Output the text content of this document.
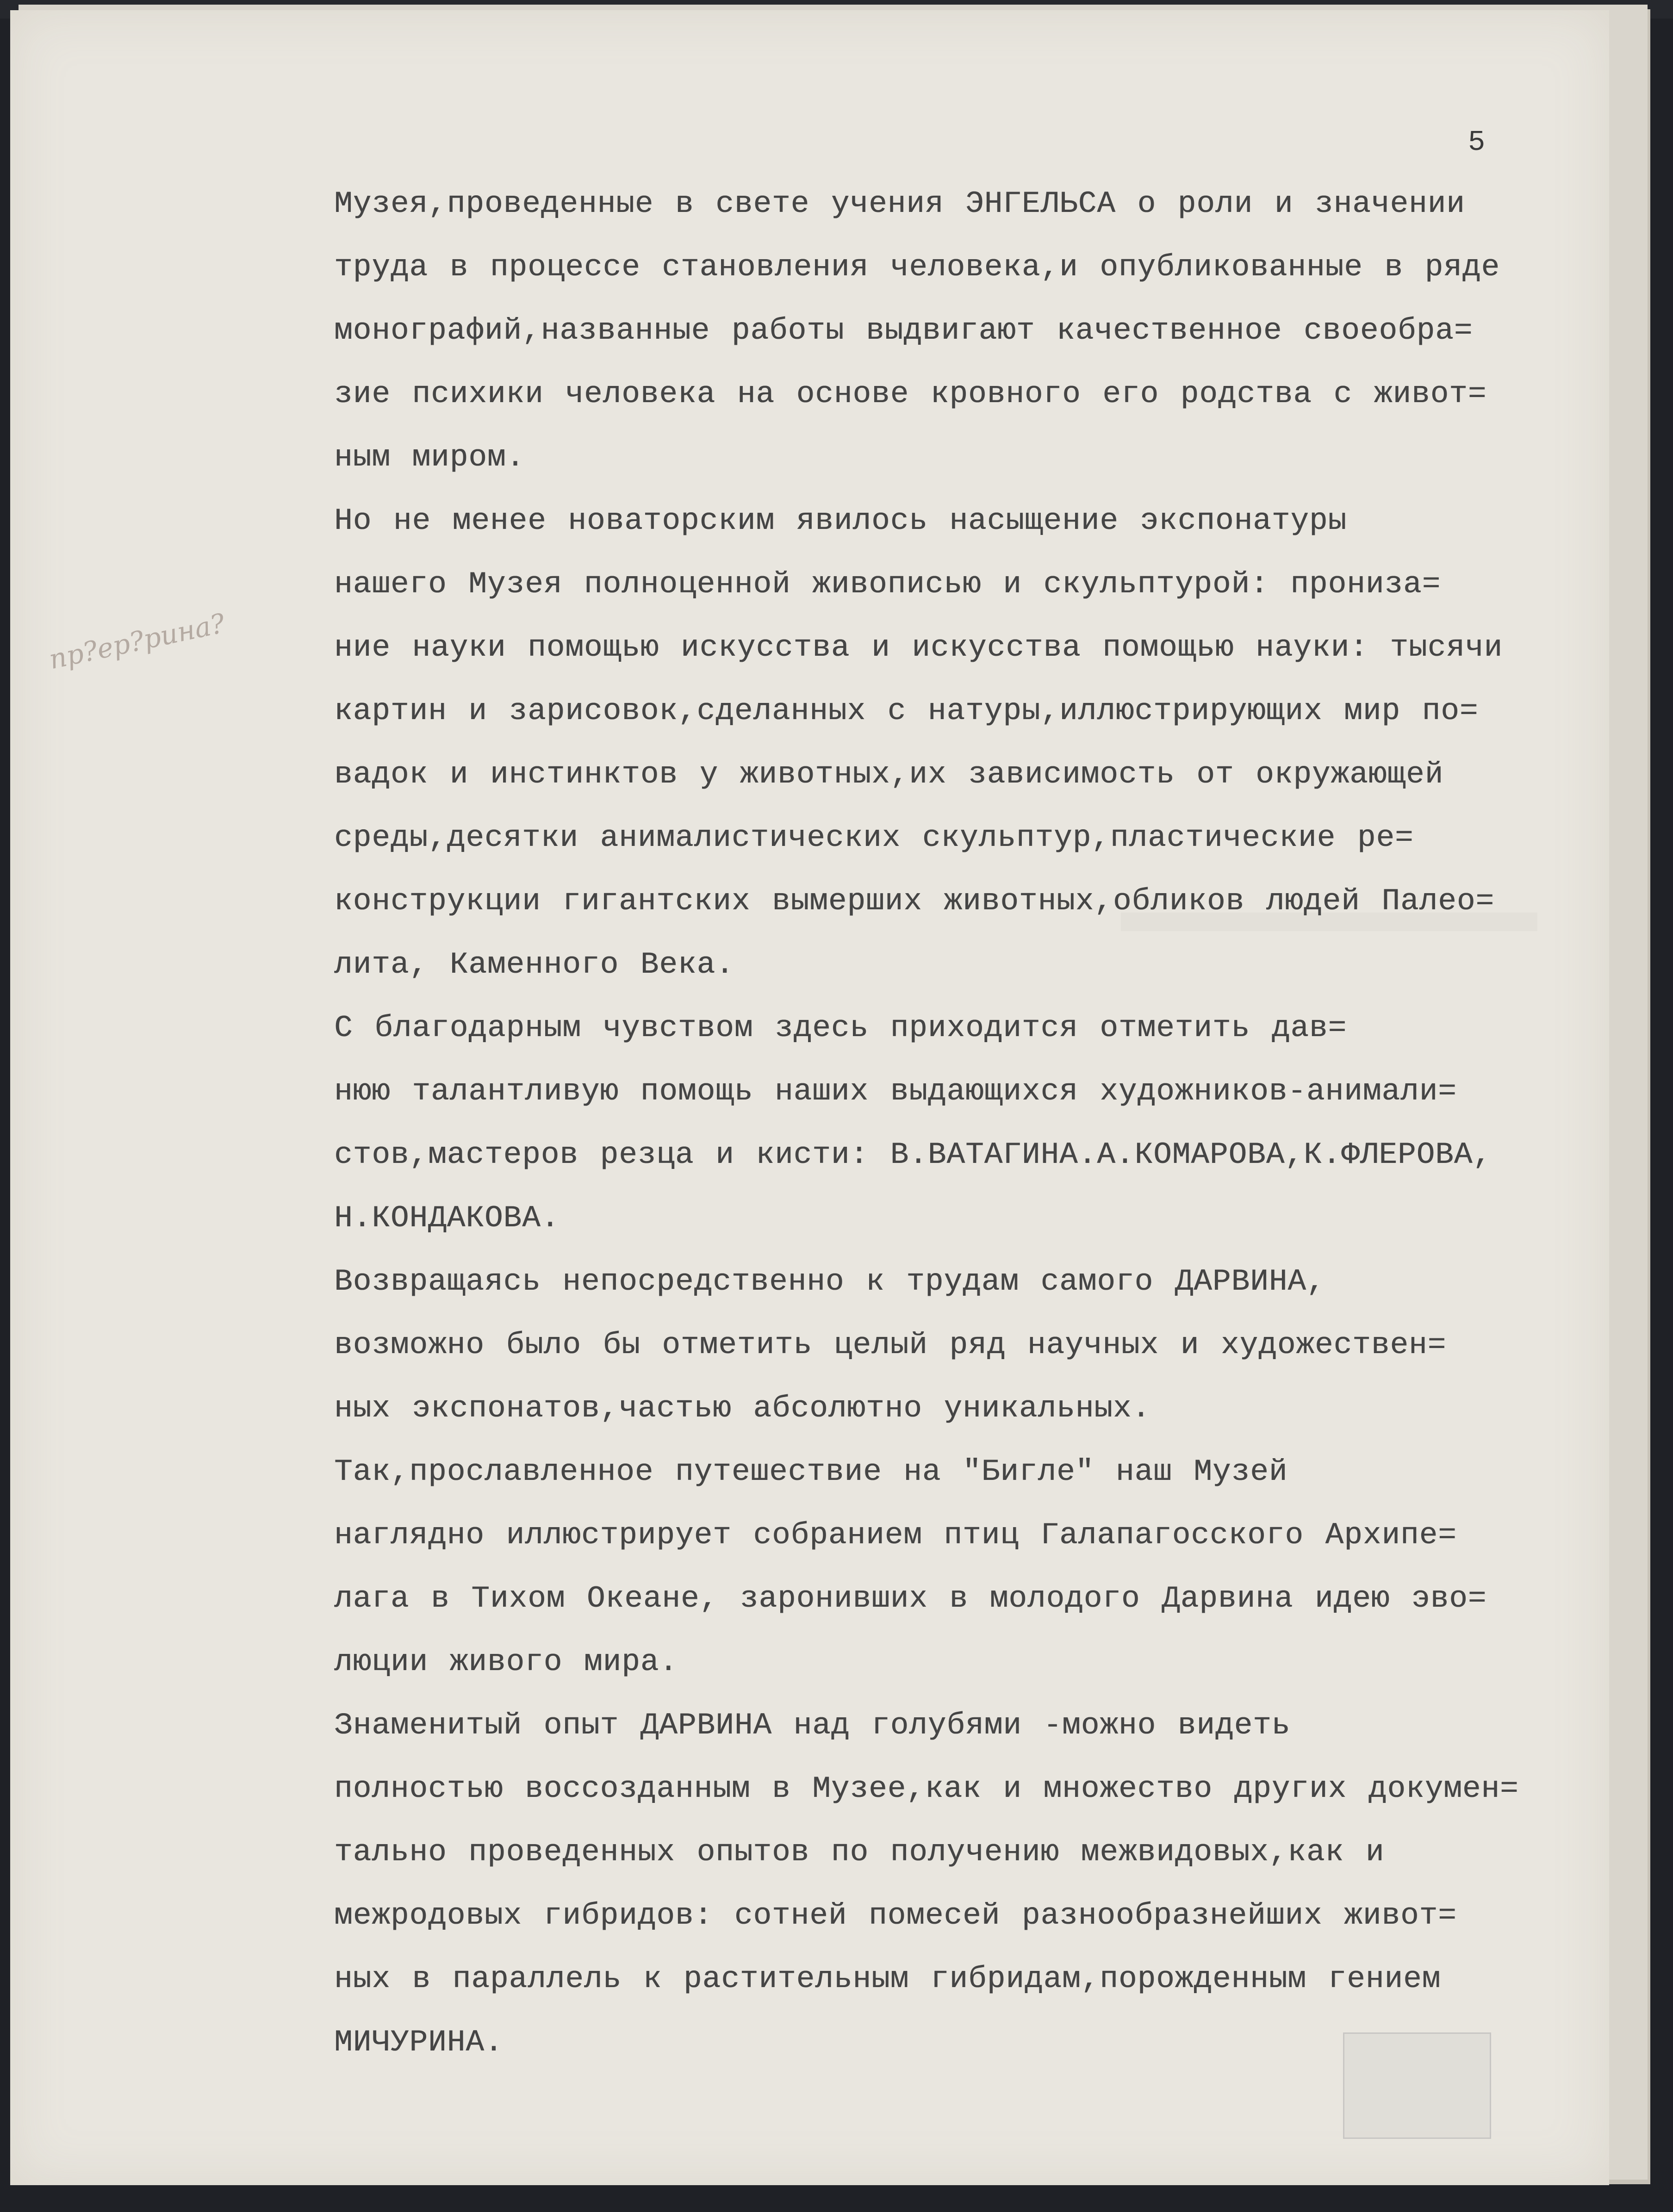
5
пр?ер?рина?
Музея,проведенные в свете учения ЭНГЕЛЬСА о роли и значении
труда в процессе становления человека,и опубликованные в ряде
монографий,названные работы выдвигают качественное своеобра=
зие психики человека на основе кровного его родства с живот=
ным миром.
Но не менее новаторским явилось насыщение экспонатуры
нашего Музея полноценной живописью и скульптурой: прониза=
ние науки помощью искусства и искусства помощью науки: тысячи
картин и зарисовок,сделанных с натуры,иллюстрирующих мир по=
вадок и инстинктов у животных,их зависимость от окружающей
среды,десятки анималистических скульптур,пластические ре=
конструкции гигантских вымерших животных,обликов людей Палео=
лита, Каменного Века.
С благодарным чувством здесь приходится отметить дав=
нюю талантливую помощь наших выдающихся художников-анимали=
стов,мастеров резца и кисти: В.ВАТАГИНА.А.КОМАРОВА,К.ФЛЕРОВА,
Н.КОНДАКОВА.
Возвращаясь непосредственно к трудам самого ДАРВИНА,
возможно было бы отметить целый ряд научных и художествен=
ных экспонатов,частью абсолютно уникальных.
Так,прославленное путешествие на "Бигле" наш Музей
наглядно иллюстрирует собранием птиц Галапагосского Архипе=
лага в Тихом Океане, заронивших в молодого Дарвина идею эво=
люции живого мира.
Знаменитый опыт ДАРВИНА над голубями -можно видеть
полностью воссозданным в Музее,как и множество других докумен=
тально проведенных опытов по получению межвидовых,как и
межродовых гибридов: сотней помесей разнообразнейших живот=
ных в параллель к растительным гибридам,порожденным гением
МИЧУРИНА.
